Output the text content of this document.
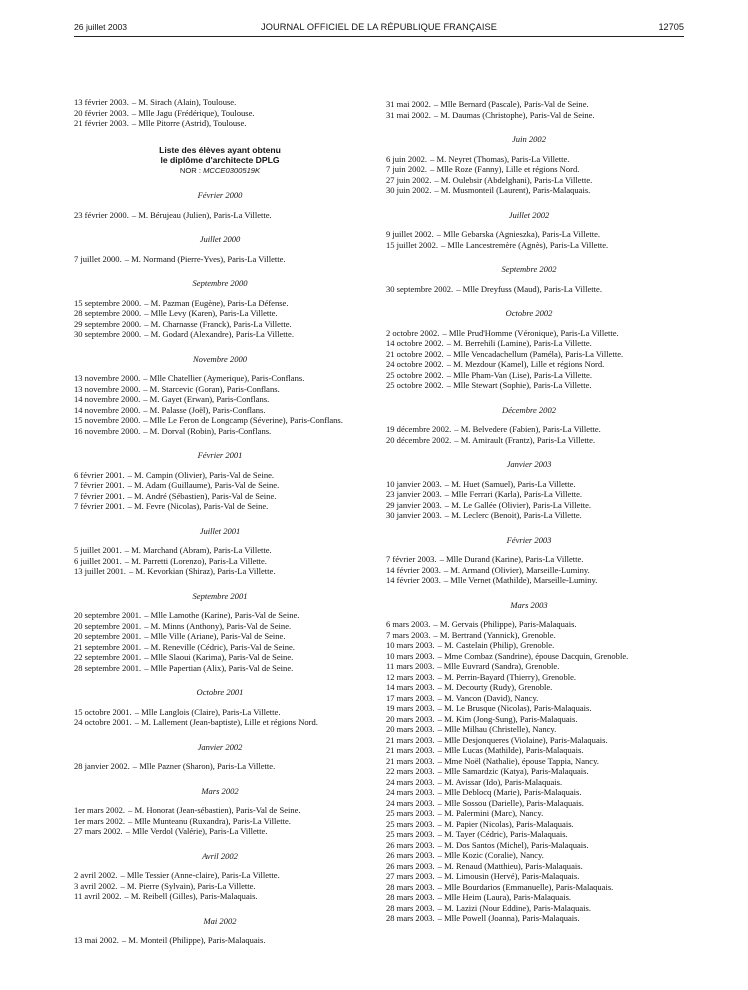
26 juillet 2003	JOURNAL OFFICIEL DE LA RÉPUBLIQUE FRANÇAISE	12705
13 février 2003. – M. Sirach (Alain), Toulouse.
20 février 2003. – Mlle Jagu (Frédérique), Toulouse.
21 février 2003. – Mlle Pitorre (Astrid), Toulouse.
Liste des élèves ayant obtenu
le diplôme d'architecte DPLG
NOR : MCCE0300519K
Février 2000
23 février 2000. – M. Bérujeau (Julien), Paris-La Villette.
Juillet 2000
7 juillet 2000. – M. Normand (Pierre-Yves), Paris-La Villette.
Septembre 2000
15 septembre 2000. – M. Pazman (Eugène), Paris-La Défense.
28 septembre 2000. – Mlle Levy (Karen), Paris-La Villette.
29 septembre 2000. – M. Charnasse (Franck), Paris-La Villette.
30 septembre 2000. – M. Godard (Alexandre), Paris-La Villette.
Novembre 2000
13 novembre 2000. – Mlle Chatellier (Aymerique), Paris-Conflans.
13 novembre 2000. – M. Starcevic (Goran), Paris-Conflans.
14 novembre 2000. – M. Gayet (Erwan), Paris-Conflans.
14 novembre 2000. – M. Palasse (Joël), Paris-Conflans.
15 novembre 2000. – Mlle Le Feron de Longcamp (Séverine), Paris-Conflans.
16 novembre 2000. – M. Dorval (Robin), Paris-Conflans.
Février 2001
6 février 2001. – M. Campin (Olivier), Paris-Val de Seine.
7 février 2001. – M. Adam (Guillaume), Paris-Val de Seine.
7 février 2001. – M. André (Sébastien), Paris-Val de Seine.
7 février 2001. – M. Fevre (Nicolas), Paris-Val de Seine.
Juillet 2001
5 juillet 2001. – M. Marchand (Abram), Paris-La Villette.
6 juillet 2001. – M. Parretti (Lorenzo), Paris-La Villette.
13 juillet 2001. – M. Kevorkian (Shiraz), Paris-La Villette.
Septembre 2001
20 septembre 2001. – Mlle Lamothe (Karine), Paris-Val de Seine.
20 septembre 2001. – M. Minns (Anthony), Paris-Val de Seine.
20 septembre 2001. – Mlle Ville (Ariane), Paris-Val de Seine.
21 septembre 2001. – M. Reneville (Cédric), Paris-Val de Seine.
22 septembre 2001. – Mlle Slaoui (Karima), Paris-Val de Seine.
28 septembre 2001. – Mlle Papertian (Alix), Paris-Val de Seine.
Octobre 2001
15 octobre 2001. – Mlle Langlois (Claire), Paris-La Villette.
24 octobre 2001. – M. Lallement (Jean-baptiste), Lille et régions Nord.
Janvier 2002
28 janvier 2002. – Mlle Pazner (Sharon), Paris-La Villette.
Mars 2002
1er mars 2002. – M. Honorat (Jean-sébastien), Paris-Val de Seine.
1er mars 2002. – Mlle Munteanu (Ruxandra), Paris-La Villette.
27 mars 2002. – Mlle Verdol (Valérie), Paris-La Villette.
Avril 2002
2 avril 2002. – Mlle Tessier (Anne-claire), Paris-La Villette.
3 avril 2002. – M. Pierre (Sylvain), Paris-La Villette.
11 avril 2002. – M. Reibell (Gilles), Paris-Malaquais.
Mai 2002
13 mai 2002. – M. Monteil (Philippe), Paris-Malaquais.
31 mai 2002. – Mlle Bernard (Pascale), Paris-Val de Seine.
31 mai 2002. – M. Daumas (Christophe), Paris-Val de Seine.
Juin 2002
6 juin 2002. – M. Neyret (Thomas), Paris-La Villette.
7 juin 2002. – Mlle Roze (Fanny), Lille et régions Nord.
27 juin 2002. – M. Oulebsir (Abdelghani), Paris-La Villette.
30 juin 2002. – M. Musmonteil (Laurent), Paris-Malaquais.
Juillet 2002
9 juillet 2002. – Mlle Gebarska (Agnieszka), Paris-La Villette.
15 juillet 2002. – Mlle Lancestremère (Agnès), Paris-La Villette.
Septembre 2002
30 septembre 2002. – Mlle Dreyfuss (Maud), Paris-La Villette.
Octobre 2002
2 octobre 2002. – Mlle Prud'Homme (Véronique), Paris-La Villette.
14 octobre 2002. – M. Berrehili (Lamine), Paris-La Villette.
21 octobre 2002. – Mlle Vencadachellum (Paméla), Paris-La Villette.
24 octobre 2002. – M. Mezdour (Kamel), Lille et régions Nord.
25 octobre 2002. – Mlle Pham-Van (Lise), Paris-La Villette.
25 octobre 2002. – Mlle Stewart (Sophie), Paris-La Villette.
Décembre 2002
19 décembre 2002. – M. Belvedere (Fabien), Paris-La Villette.
20 décembre 2002. – M. Amirault (Frantz), Paris-La Villette.
Janvier 2003
10 janvier 2003. – M. Huet (Samuel), Paris-La Villette.
23 janvier 2003. – Mlle Ferrari (Karla), Paris-La Villette.
29 janvier 2003. – M. Le Gallée (Olivier), Paris-La Villette.
30 janvier 2003. – M. Leclerc (Benoit), Paris-La Villette.
Février 2003
7 février 2003. – Mlle Durand (Karine), Paris-La Villette.
14 février 2003. – M. Armand (Olivier), Marseille-Luminy.
14 février 2003. – Mlle Vernet (Mathilde), Marseille-Luminy.
Mars 2003
6 mars 2003. – M. Gervais (Philippe), Paris-Malaquais.
7 mars 2003. – M. Bertrand (Yannick), Grenoble.
10 mars 2003. – M. Castelain (Philip), Grenoble.
10 mars 2003. – Mme Combaz (Sandrine), épouse Dacquin, Grenoble.
11 mars 2003. – Mlle Euvrard (Sandra), Grenoble.
12 mars 2003. – M. Perrin-Bayard (Thierry), Grenoble.
14 mars 2003. – M. Decourty (Rudy), Grenoble.
17 mars 2003. – M. Vancon (David), Nancy.
19 mars 2003. – M. Le Brusque (Nicolas), Paris-Malaquais.
20 mars 2003. – M. Kim (Jong-Sung), Paris-Malaquais.
20 mars 2003. – Mlle Milhau (Christelle), Nancy.
21 mars 2003. – Mlle Desjonqueres (Violaine), Paris-Malaquais.
21 mars 2003. – Mlle Lucas (Mathilde), Paris-Malaquais.
21 mars 2003. – Mme Noël (Nathalie), épouse Tappia, Nancy.
22 mars 2003. – Mlle Samardzic (Katya), Paris-Malaquais.
24 mars 2003. – M. Avissar (Ido), Paris-Malaquais.
24 mars 2003. – Mlle Deblocq (Marie), Paris-Malaquais.
24 mars 2003. – Mlle Sossou (Darielle), Paris-Malaquais.
25 mars 2003. – M. Palermini (Marc), Nancy.
25 mars 2003. – M. Papier (Nicolas), Paris-Malaquais.
25 mars 2003. – M. Tayer (Cédric), Paris-Malaquais.
26 mars 2003. – M. Dos Santos (Michel), Paris-Malaquais.
26 mars 2003. – Mlle Kozic (Coralie), Nancy.
26 mars 2003. – M. Renaud (Matthieu), Paris-Malaquais.
27 mars 2003. – M. Limousin (Hervé), Paris-Malaquais.
28 mars 2003. – Mlle Bourdarios (Emmanuelle), Paris-Malaquais.
28 mars 2003. – Mlle Heim (Laura), Paris-Malaquais.
28 mars 2003. – M. Lazizi (Nour Eddine), Paris-Malaquais.
28 mars 2003. – Mlle Powell (Joanna), Paris-Malaquais.
